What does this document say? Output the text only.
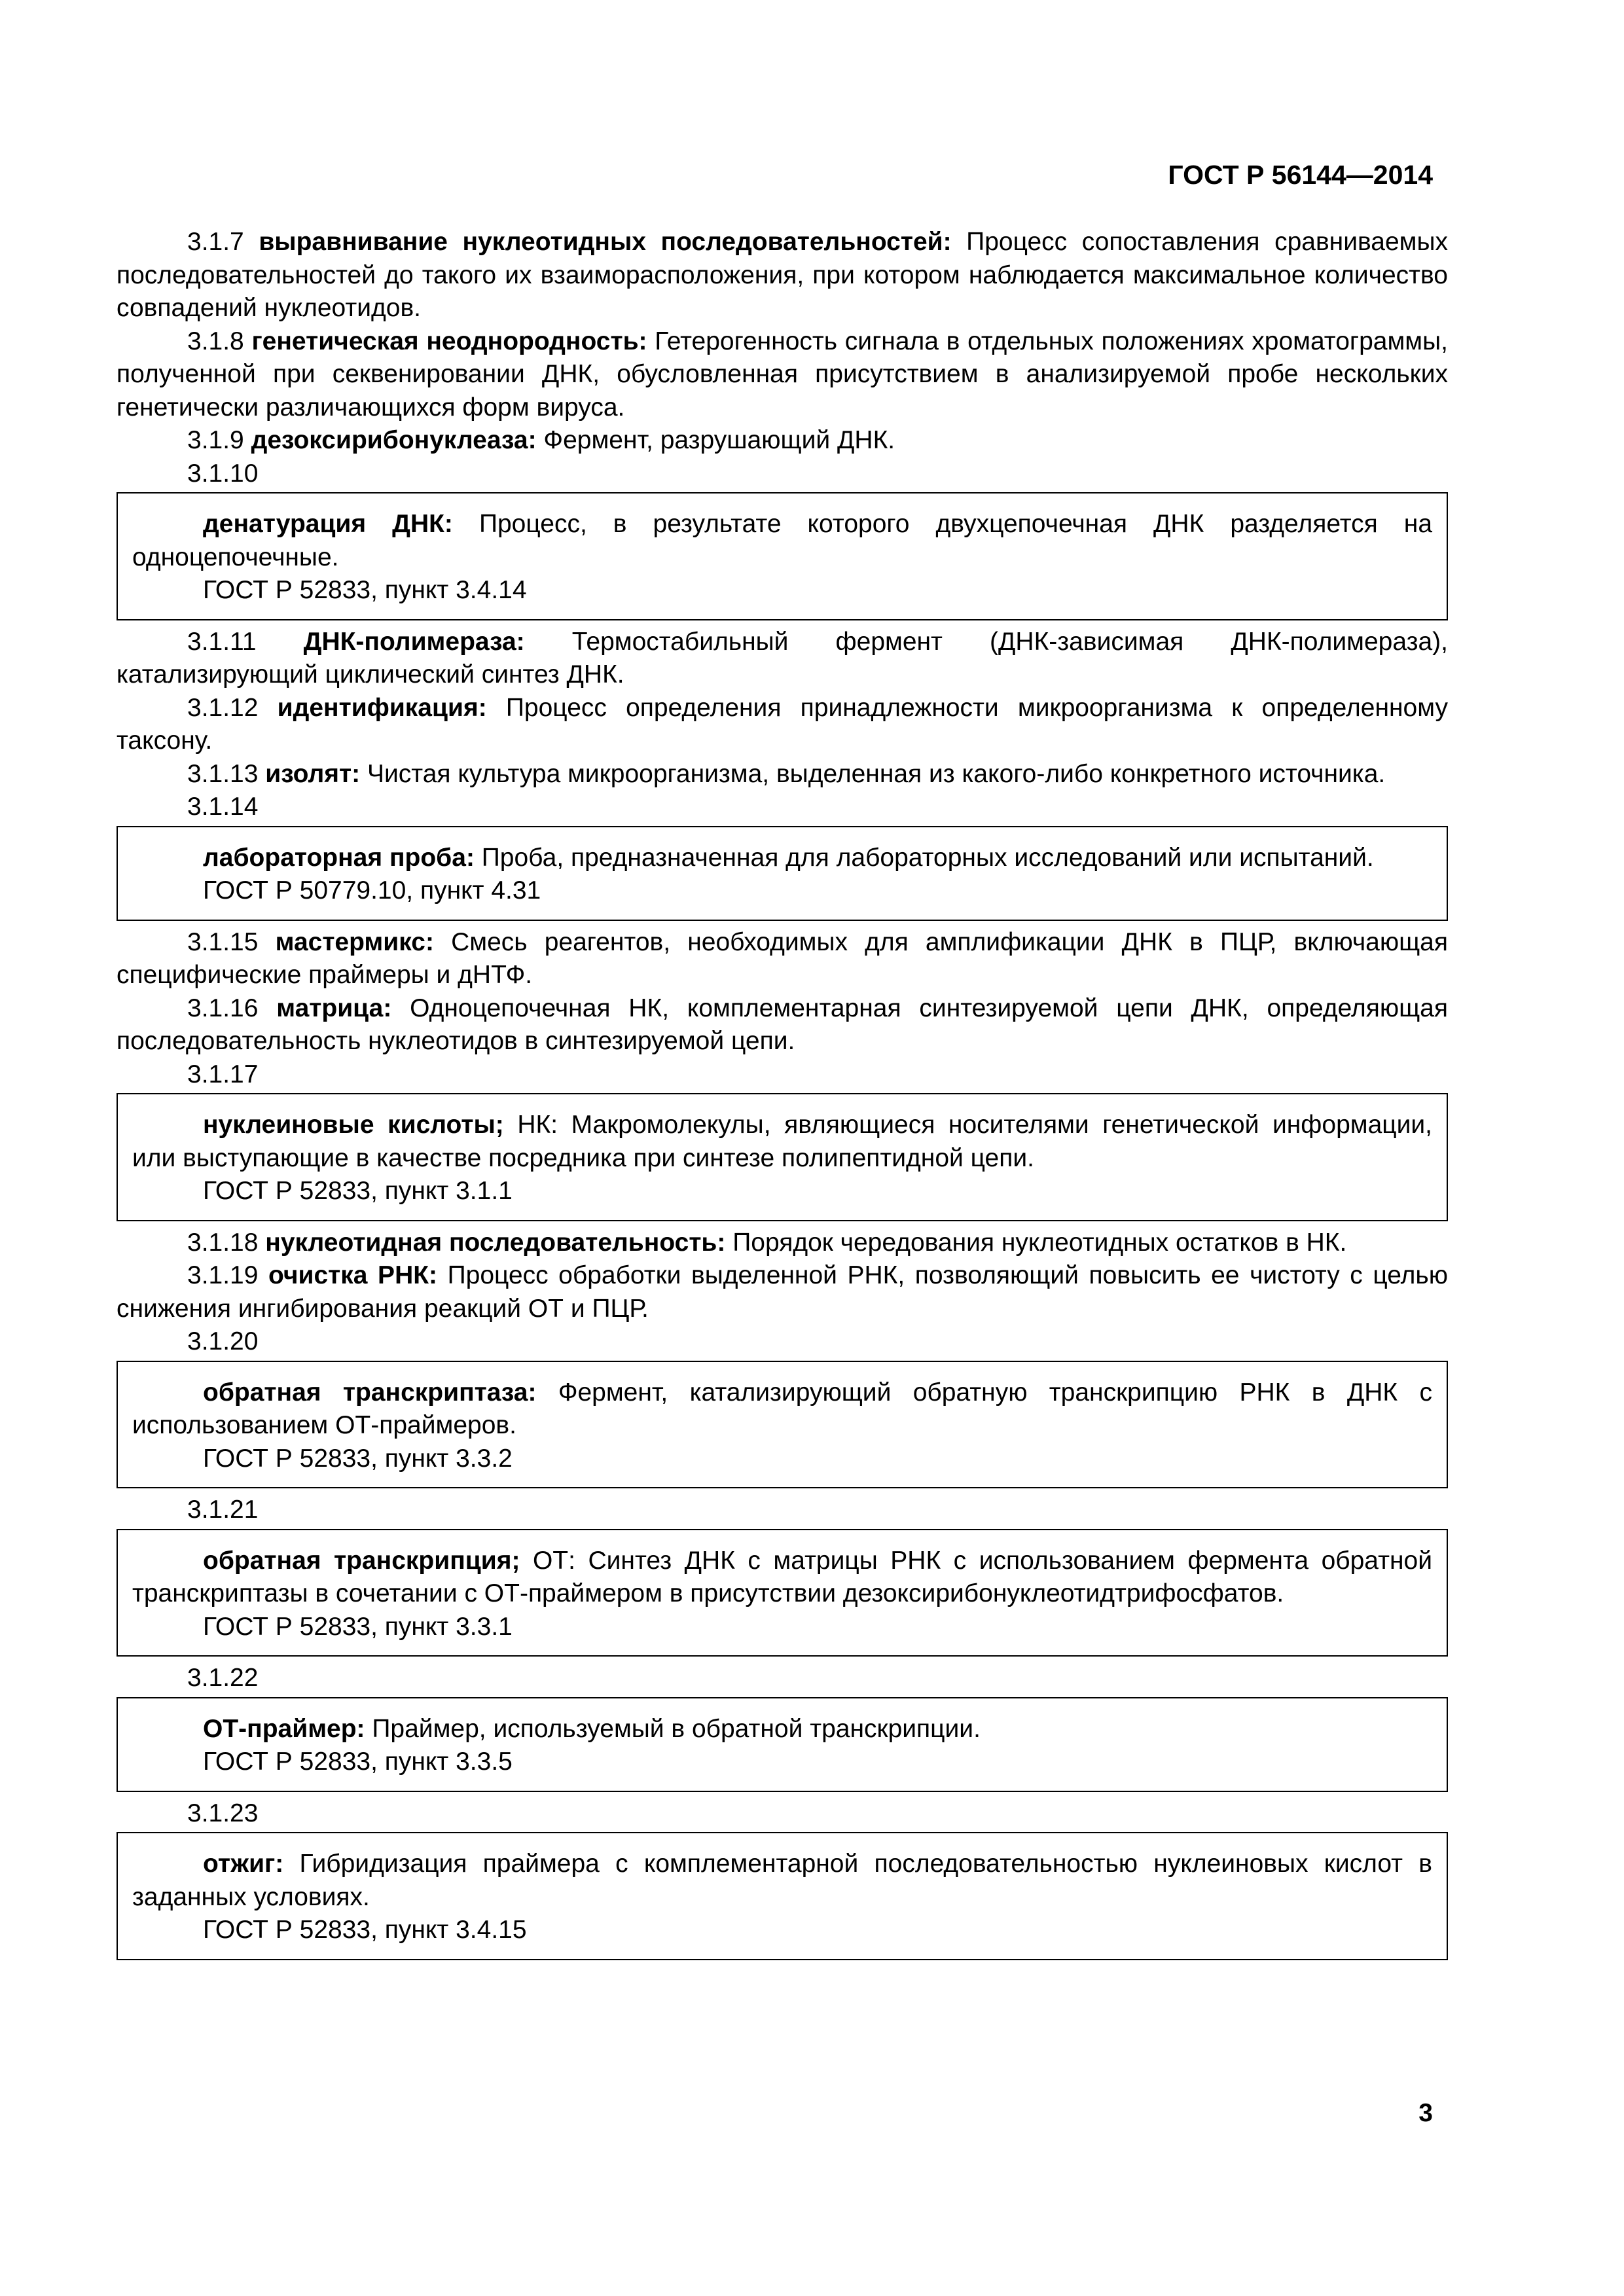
ГОСТ Р 56144—2014

3.1.7 выравнивание нуклеотидных последовательностей: Процесс сопоставления сравниваемых последовательностей до такого их взаиморасположения, при котором наблюдается максимальное количество совпадений нуклеотидов.

3.1.8 генетическая неоднородность: Гетерогенность сигнала в отдельных положениях хроматограммы, полученной при секвенировании ДНК, обусловленная присутствием в анализируемой пробе нескольких генетически различающихся форм вируса.

3.1.9 дезоксирибонуклеаза: Фермент, разрушающий ДНК.

3.1.10

денатурация ДНК: Процесс, в результате которого двухцепочечная ДНК разделяется на одноцепочечные.

ГОСТ Р 52833, пункт 3.4.14

3.1.11 ДНК-полимераза: Термостабильный фермент (ДНК-зависимая ДНК-полимераза), катализирующий циклический синтез ДНК.

3.1.12 идентификация: Процесс определения принадлежности микроорганизма к определенному таксону.

3.1.13 изолят: Чистая культура микроорганизма, выделенная из какого-либо конкретного источника.

3.1.14

лабораторная проба: Проба, предназначенная для лабораторных исследований или испытаний.

ГОСТ Р 50779.10, пункт 4.31

3.1.15 мастермикс: Смесь реагентов, необходимых для амплификации ДНК в ПЦР, включающая специфические праймеры и дНТФ.

3.1.16 матрица: Одноцепочечная НК, комплементарная синтезируемой цепи ДНК, определяющая последовательность нуклеотидов в синтезируемой цепи.

3.1.17

нуклеиновые кислоты; НК: Макромолекулы, являющиеся носителями генетической информации, или выступающие в качестве посредника при синтезе полипептидной цепи.

ГОСТ Р 52833, пункт 3.1.1

3.1.18 нуклеотидная последовательность: Порядок чередования нуклеотидных остатков в НК.

3.1.19 очистка РНК: Процесс обработки выделенной РНК, позволяющий повысить ее чистоту с целью снижения ингибирования реакций ОТ и ПЦР.

3.1.20

обратная транскриптаза: Фермент, катализирующий обратную транскрипцию РНК в ДНК с использованием ОТ-праймеров.

ГОСТ Р 52833, пункт 3.3.2

3.1.21

обратная транскрипция; ОТ: Синтез ДНК с матрицы РНК с использованием фермента обратной транскриптазы в сочетании с ОТ-праймером в присутствии дезоксирибонуклеотидтрифосфатов.

ГОСТ Р 52833, пункт 3.3.1

3.1.22

ОТ-праймер: Праймер, используемый в обратной транскрипции.

ГОСТ Р 52833, пункт 3.3.5

3.1.23

отжиг: Гибридизация праймера с комплементарной последовательностью нуклеиновых кислот в заданных условиях.

ГОСТ Р 52833, пункт 3.4.15

3
